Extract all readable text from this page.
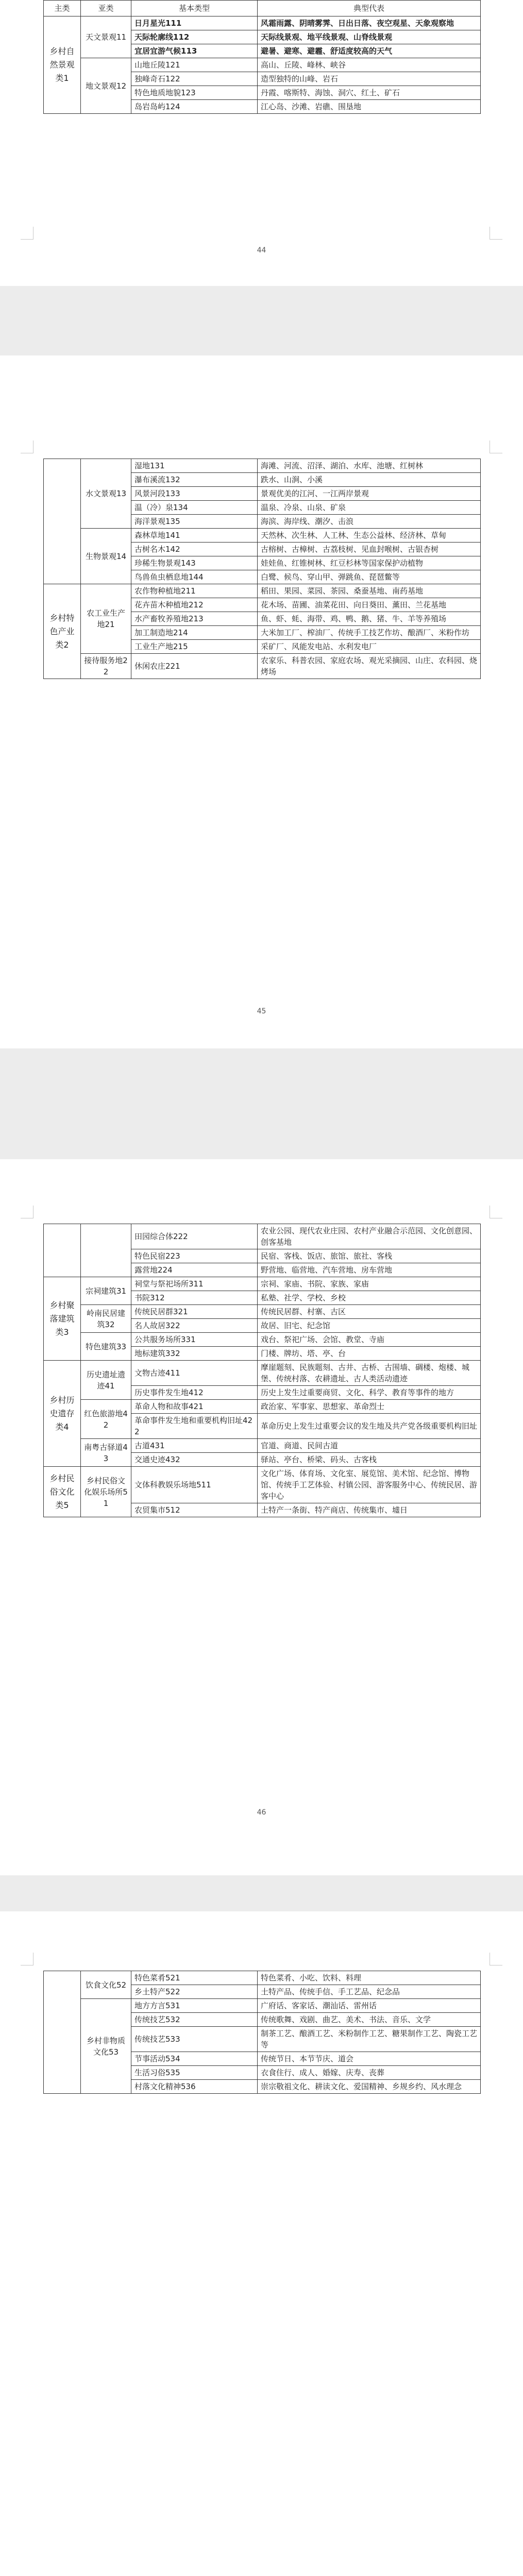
主类	亚类	基本类型	典型代表
乡村自然景观类1	天文景观11	日月星光111	风霜雨露、阴晴雾霁、日出日落、夜空观星、天象观察地
		天际轮廓线112	天际线景观、地平线景观、山脊线景观
		宜居宜游气候113	避暑、避寒、避霾、舒适度较高的天气
	地文景观12	山地丘陵121	高山、丘陵、峰林、峡谷
		独峰奇石122	造型独特的山峰、岩石
		特色地质地貌123	丹霞、喀斯特、海蚀、洞穴、红土、矿石
		岛岩岛屿124	江心岛、沙滩、岩礁、围垦地
44
	水文景观13	湿地131	海滩、河流、沼泽、湖泊、水库、池塘、红树林
		瀑布溪流132	跌水、山涧、小溪
		风景河段133	景观优美的江河、一江两岸景观
		温（冷）泉134	温泉、冷泉、山泉、矿泉
		海洋景观135	海滨、海岸线、潮汐、击浪
	生物景观14	森林草地141	天然林、次生林、人工林、生态公益林、经济林、草甸
		古树名木142	古榕树、古樟树、古荔枝树、见血封喉树、古银杏树
		珍稀生物景观143	娃娃鱼、红锥树林、红豆杉林等国家保护动植物
		鸟兽鱼虫栖息地144	白鹭、候鸟、穿山甲、弹跳鱼、琵琶鳖等
乡村特色产业类2	农工业生产地21	农作物种植地211	稻田、果园、菜园、茶园、桑蚕基地、南药基地
		花卉苗木种植地212	花木场、苗圃、油菜花田、向日葵田、薰田、兰花基地
		水产畜牧养殖地213	鱼、虾、蚝、海带、鸡、鸭、鹅、猪、牛、羊等养殖场
		加工制造地214	大米加工厂、榨油厂、传统手工技艺作坊、酿酒厂、米粉作坊
		工业生产地215	采矿厂、风能发电站、水利发电厂
	接待服务地22	休闲农庄221	农家乐、科普农园、家庭农场、观光采摘园、山庄、农科园、烧烤场
45
		田园综合体222	农业公园、现代农业庄园、农村产业融合示范园、文化创意园、创客基地
		特色民宿223	民宿、客栈、饭店、旅馆、旅社、客栈
		露营地224	野营地、临营地、汽车营地、房车营地
乡村聚落建筑类3	宗祠建筑31	祠堂与祭祀场所311	宗祠、家庙、书院、家族、家庙
		书院312	私塾、社学、学校、乡校
	岭南民居建筑32	传统民居群321	传统民居群、村寨、古区
		名人故居322	故居、旧宅、纪念馆
	特色建筑33	公共服务场所331	戏台、祭祀广场、会馆、教堂、寺庙
		地标建筑332	门楼、牌坊、塔、亭、台
乡村历史遗存类4	历史遗址遗迹41	文物古迹411	摩崖题刻、民族题刻、古井、古桥、古围墙、碉楼、炮楼、城堡、传统村落、农耕遗址、古人类活动遗迹
		历史事件发生地412	历史上发生过重要商贸、文化、科学、教育等事件的地方
	红色旅游地42	革命人物和故事421	政治家、军事家、思想家、革命烈士
		革命事件发生地和重要机构旧址422	革命历史上发生过重要会议的发生地及共产党各级重要机构旧址
	南粤古驿道43	古道431	官道、商道、民间古道
		交通史迹432	驿站、亭台、桥梁、码头、古客栈
乡村民俗文化类5	乡村民俗文化娱乐场所51	文体科教娱乐场地511	文化广场、体育场、文化室、展览馆、美术馆、纪念馆、博物馆、传统手工艺体验、村镇公园、游客服务中心、传统民居、游客中心
		农贸集市512	土特产一条街、特产商店、传统集市、墟日
46
	饮食文化52	特色菜肴521	特色菜肴、小吃、饮料、料理
		乡土特产522	土特产品、传统手信、手工艺品、纪念品
	乡村非物质文化53	地方方言531	广府话、客家话、潮汕话、雷州话
		传统技艺532	传统歌舞、戏剧、曲艺、美术、书法、音乐、文学
		传统技艺533	制茶工艺、酿酒工艺、米粉制作工艺、糖果制作工艺、陶瓷工艺等
		节事活动534	传统节日、本节节庆、道会
		生活习俗535	衣食住行、成人、婚嫁、庆寿、丧葬
		村落文化精神536	崇宗敬祖文化、耕读文化、爱国精神、乡规乡约、风水理念
